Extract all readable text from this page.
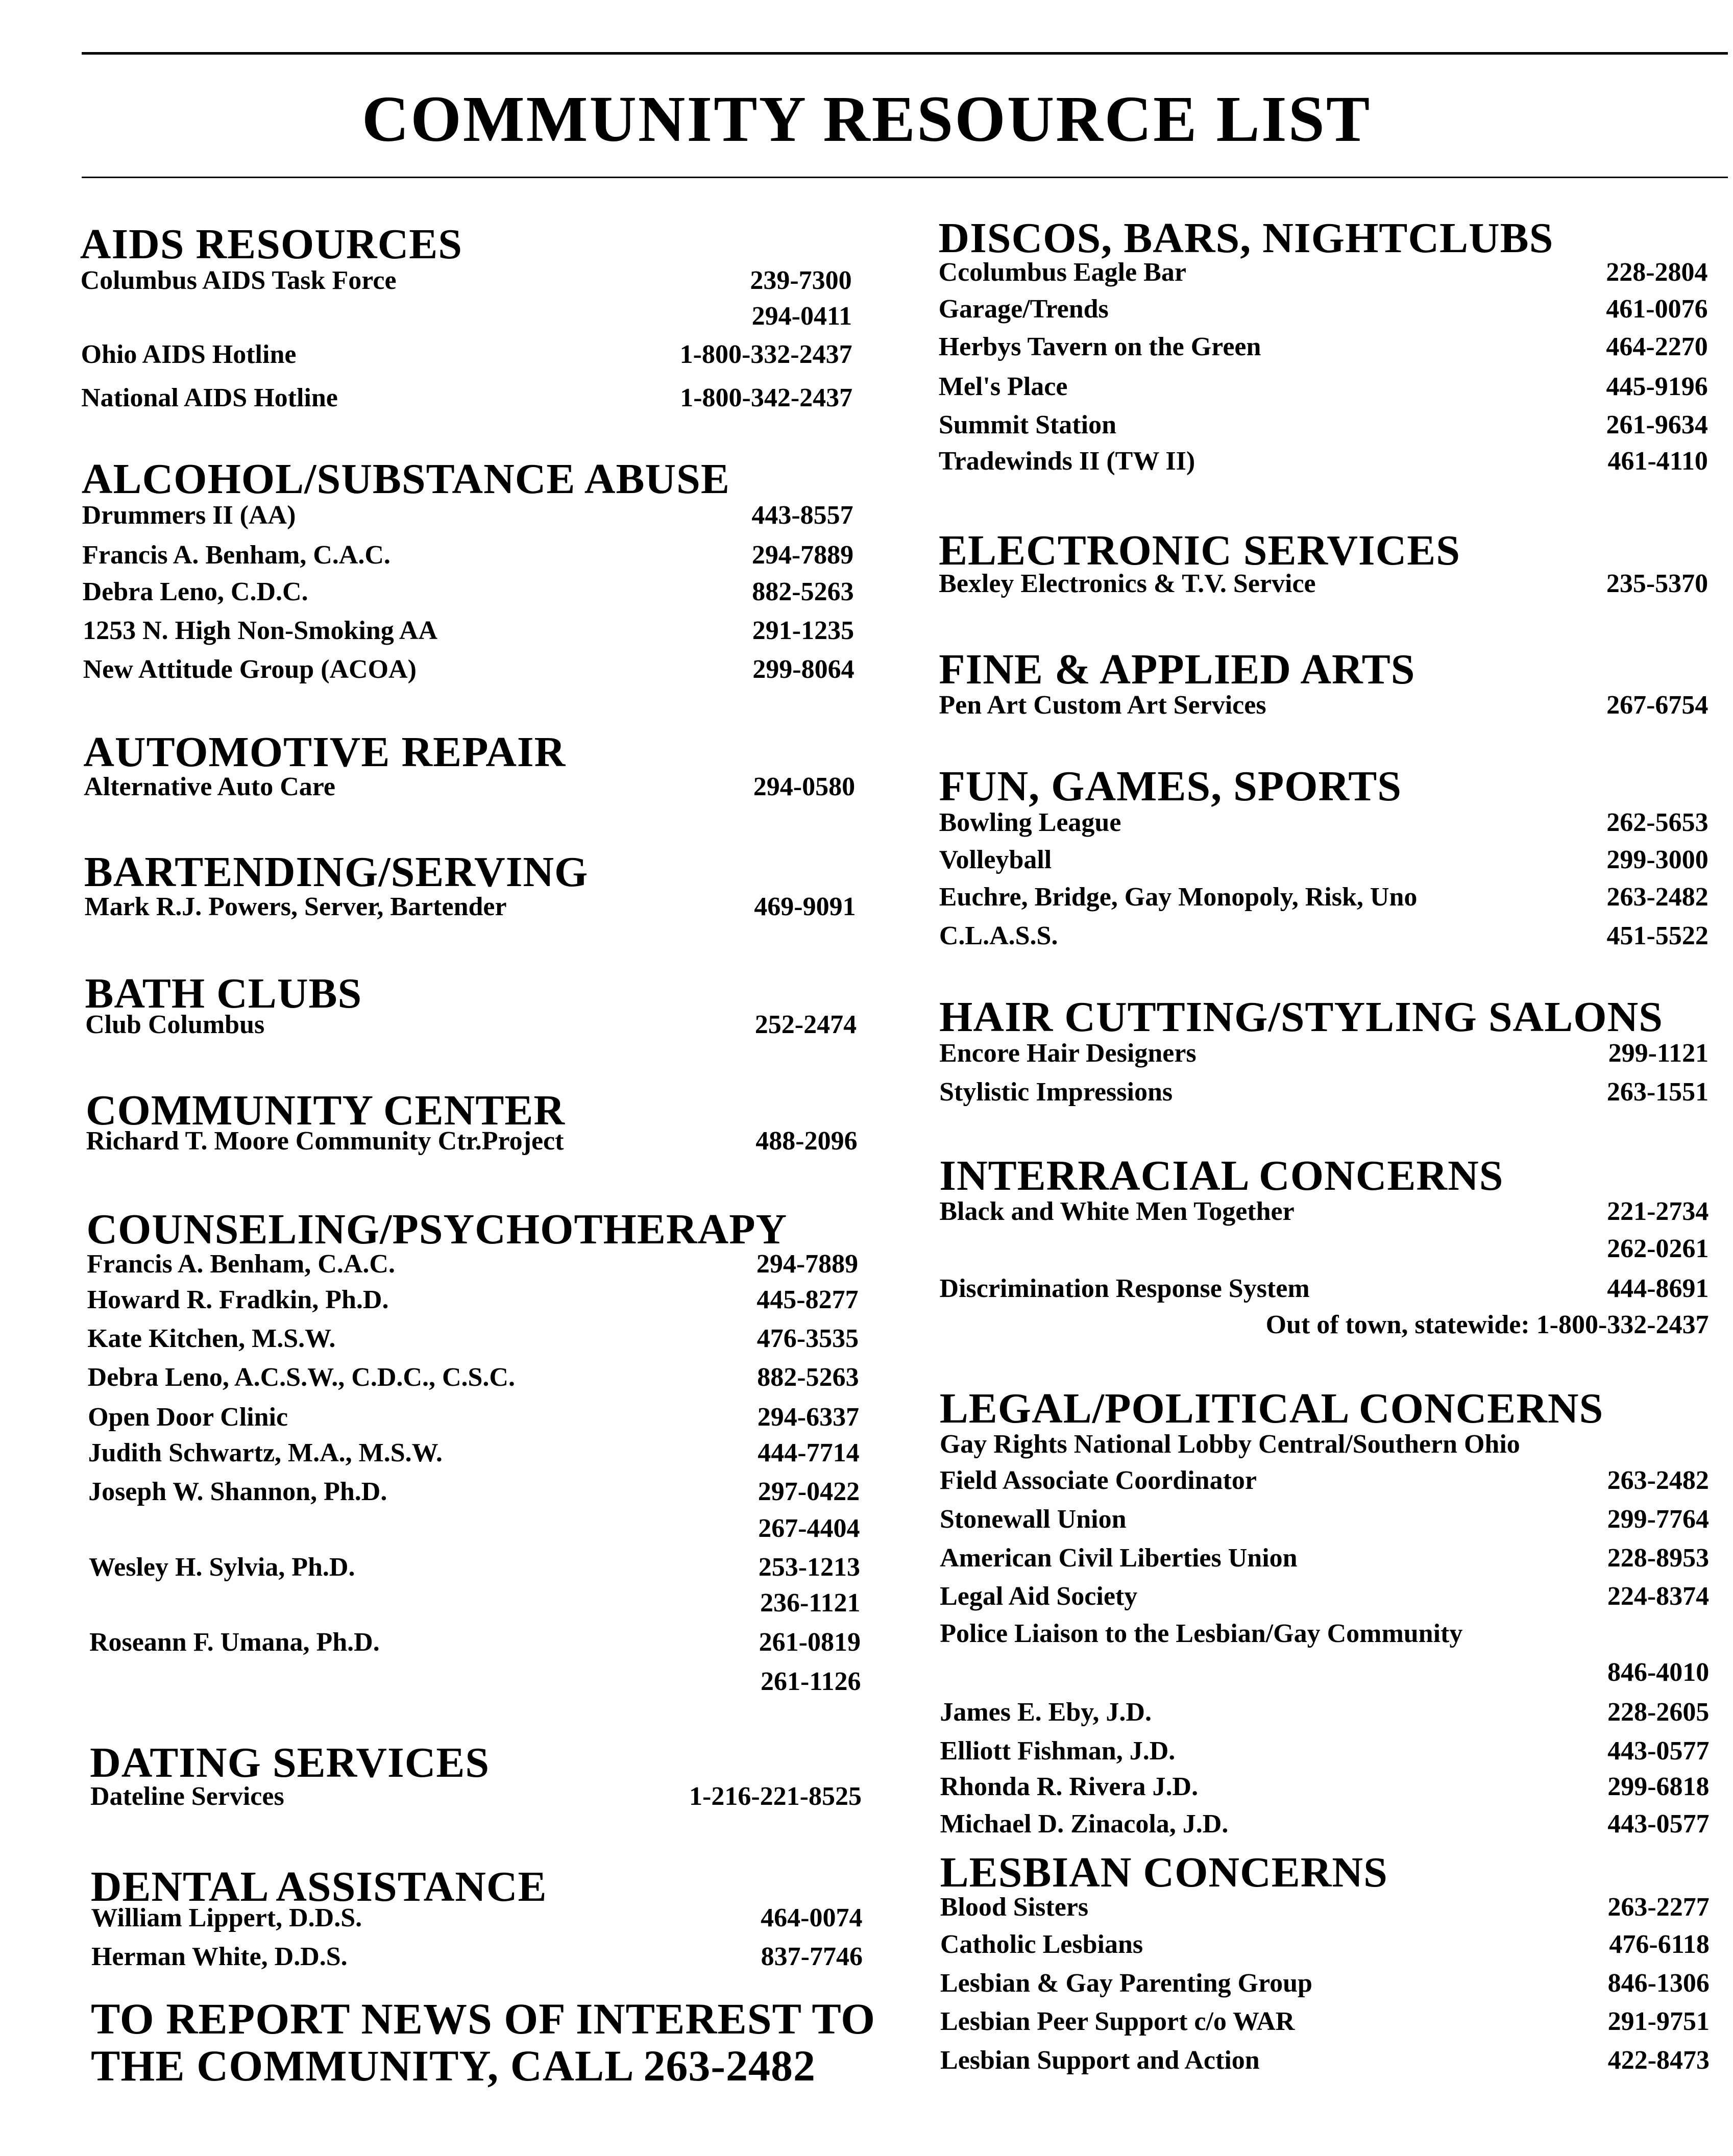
COMMUNITY RESOURCE LIST
AIDS RESOURCES
Columbus AIDS Task Force	239-7300
294-0411
Ohio AIDS Hotline	1-800-332-2437
National AIDS Hotline	1-800-342-2437
ALCOHOL/SUBSTANCE ABUSE
Drummers II (AA)	443-8557
Francis A. Benham, C.A.C.	294-7889
Debra Leno, C.D.C.	882-5263
1253 N. High Non-Smoking AA	291-1235
New Attitude Group (ACOA)	299-8064
AUTOMOTIVE REPAIR
Alternative Auto Care	294-0580
BARTENDING/SERVING
Mark R.J. Powers, Server, Bartender	469-9091
BATH CLUBS
Club Columbus	252-2474
COMMUNITY CENTER
Richard T. Moore Community Ctr.Project	488-2096
COUNSELING/PSYCHOTHERAPY
Francis A. Benham, C.A.C.	294-7889
Howard R. Fradkin, Ph.D.	445-8277
Kate Kitchen, M.S.W.	476-3535
Debra Leno, A.C.S.W., C.D.C., C.S.C.	882-5263
Open Door Clinic	294-6337
Judith Schwartz, M.A., M.S.W.	444-7714
Joseph W. Shannon, Ph.D.	297-0422
267-4404
Wesley H. Sylvia, Ph.D.	253-1213
236-1121
Roseann F. Umana, Ph.D.	261-0819
261-1126
DATING SERVICES
Dateline Services	1-216-221-8525
DENTAL ASSISTANCE
William Lippert, D.D.S.	464-0074
Herman White, D.D.S.	837-7746
DISCOS, BARS, NIGHTCLUBS
Ccolumbus Eagle Bar	228-2804
Garage/Trends	461-0076
Herbys Tavern on the Green	464-2270
Mel's Place	445-9196
Summit Station	261-9634
Tradewinds II (TW II)	461-4110
ELECTRONIC SERVICES
Bexley Electronics & T.V. Service	235-5370
FINE & APPLIED ARTS
Pen Art Custom Art Services	267-6754
FUN, GAMES, SPORTS
Bowling League	262-5653
Volleyball	299-3000
Euchre, Bridge, Gay Monopoly, Risk, Uno	263-2482
C.L.A.S.S.	451-5522
HAIR CUTTING/STYLING SALONS
Encore Hair Designers	299-1121
Stylistic Impressions	263-1551
INTERRACIAL CONCERNS
Black and White Men Together	221-2734
262-0261
Discrimination Response System	444-8691
Out of town, statewide: 1-800-332-2437
LEGAL/POLITICAL CONCERNS
Gay Rights National Lobby Central/Southern Ohio
Field Associate Coordinator	263-2482
Stonewall Union	299-7764
American Civil Liberties Union	228-8953
Legal Aid Society	224-8374
Police Liaison to the Lesbian/Gay Community
846-4010
James E. Eby, J.D.	228-2605
Elliott Fishman, J.D.	443-0577
Rhonda R. Rivera J.D.	299-6818
Michael D. Zinacola, J.D.	443-0577
LESBIAN CONCERNS
Blood Sisters	263-2277
Catholic Lesbians	476-6118
Lesbian & Gay Parenting Group	846-1306
Lesbian Peer Support c/o WAR	291-9751
Lesbian Support and Action	422-8473
TO REPORT NEWS OF INTEREST TO
THE COMMUNITY, CALL 263-2482
